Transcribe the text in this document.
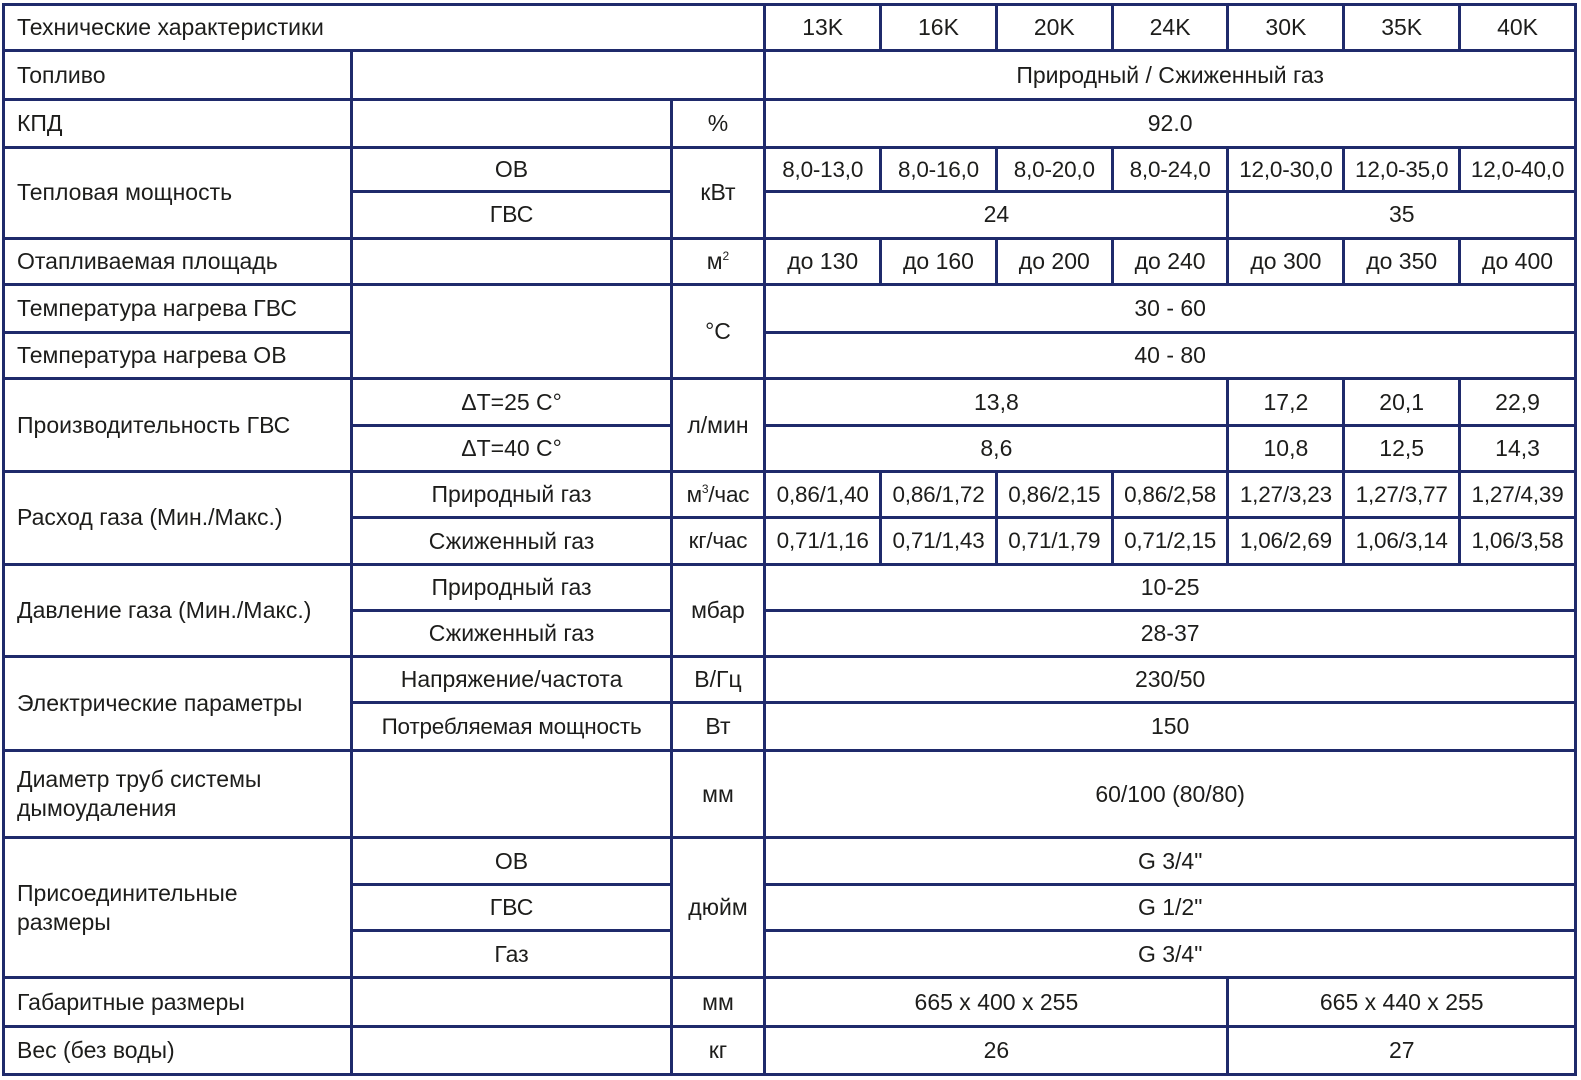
Технические характеристики			13K	16K	20K	24K	30K	35K	40K
Топливо			Природный / Сжиженный газ						
КПД		%	92.0						
Тепловая мощность	ОВ	кВт	8,0-13,0	8,0-16,0	8,0-20,0	8,0-24,0	12,0-30,0	12,0-35,0	12,0-40,0
	ГВС		24				35		
Отапливаемая площадь		$м^2$	до 130	до 160	до 200	до 240	до 300	до 350	до 400
Температура нагрева ГВС		°C	30 - 60						
Температура нагрева ОВ			40 - 80						
Производительность ГВС	ΔT=25 C°	л/мин	13,8				17,2	20,1	22,9
	ΔT=40 C°		8,6				10,8	12,5	14,3
Расход газа (Мин./Макс.)	Природный газ	$м^3$/час	0,86/1,40	0,86/1,72	0,86/2,15	0,86/2,58	1,27/3,23	1,27/3,77	1,27/4,39
	Сжиженный газ	кг/час	0,71/1,16	0,71/1,43	0,71/1,79	0,71/2,15	1,06/2,69	1,06/3,14	1,06/3,58
Давление газа (Мин./Макс.)	Природный газ	мбар	10-25						
	Сжиженный газ		28-37						
Электрические параметры	Напряжение/частота	В/Гц	230/50						
	Потребляемая мощность	Вт	150						
Диаметр труб системы
дымоудаления		мм	60/100 (80/80)						
Присоединительные
размеры	ОВ	дюйм	G 3/4"						
	ГВС		G 1/2"						
	Газ		G 3/4"						
Габаритные размеры		мм	665 x 400 x 255				665 x 440 x 255		
Вес (без воды)		кг	26				27		
